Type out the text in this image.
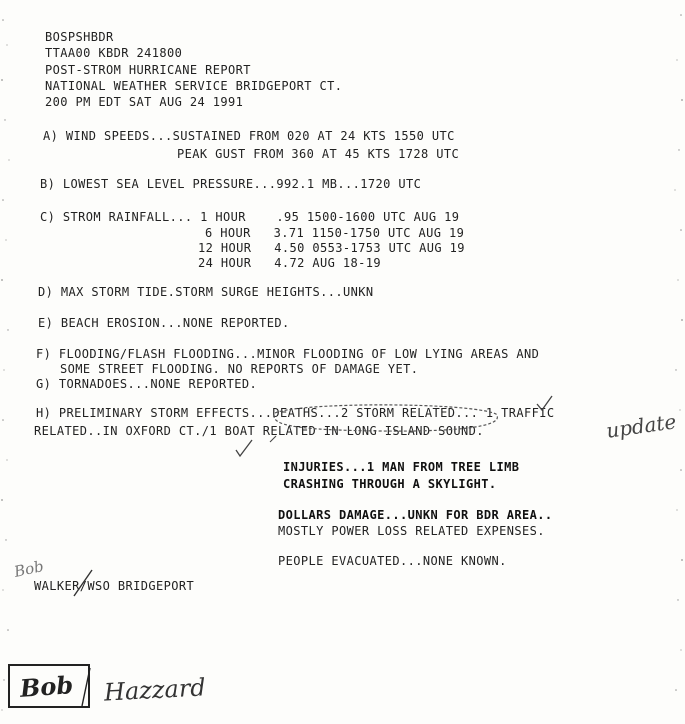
BOSPSHBDR
TTAA00 KBDR 241800
POST-STROM HURRICANE REPORT
NATIONAL WEATHER SERVICE BRIDGEPORT CT.
200 PM EDT SAT AUG 24 1991
A) WIND SPEEDS...SUSTAINED FROM 020 AT 24 KTS 1550 UTC
PEAK GUST FROM 360 AT 45 KTS 1728 UTC
B) LOWEST SEA LEVEL PRESSURE...992.1 MB...1720 UTC
C) STROM RAINFALL... 1 HOUR    .95 1500-1600 UTC AUG 19
6 HOUR   3.71 1150-1750 UTC AUG 19
12 HOUR   4.50 0553-1753 UTC AUG 19
24 HOUR   4.72 AUG 18-19
D) MAX STORM TIDE.STORM SURGE HEIGHTS...UNKN
E) BEACH EROSION...NONE REPORTED.
F) FLOODING/FLASH FLOODING...MINOR FLOODING OF LOW LYING AREAS AND
SOME STREET FLOODING. NO REPORTS OF DAMAGE YET.
G) TORNADOES...NONE REPORTED.
H) PRELIMINARY STORM EFFECTS...DEATHS...2 STORM RELATED... 1 TRAFFIC
RELATED..IN OXFORD CT./1 BOAT RELATED IN LONG ISLAND SOUND.
INJURIES...1 MAN FROM TREE LIMB
CRASHING THROUGH A SKYLIGHT.
DOLLARS DAMAGE...UNKN FOR BDR AREA..
MOSTLY POWER LOSS RELATED EXPENSES.
PEOPLE EVACUATED...NONE KNOWN.
WALKER/WSO BRIDGEPORT
update
Bob
Bob Hazzard
